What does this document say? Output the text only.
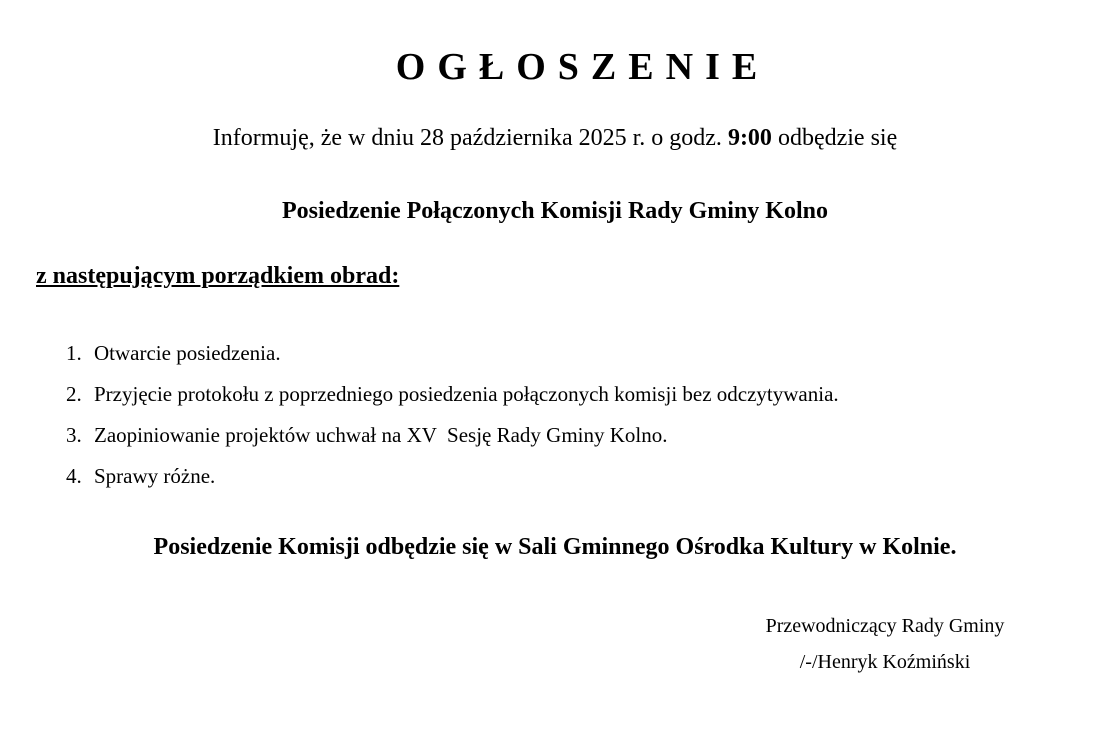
OGŁOSZENIE
Informuję, że w dniu 28 października 2025 r. o godz. 9:00 odbędzie się
Posiedzenie Połączonych Komisji Rady Gminy Kolno
z następującym porządkiem obrad:

1.

Otwarcie posiedzenia.

2.

Przyjęcie protokołu z poprzedniego posiedzenia połączonych komisji bez odczytywania.

3.

Zaopiniowanie projektów uchwał na XV  Sesję Rady Gminy Kolno.

4.

Sprawy różne.

Posiedzenie Komisji odbędzie się w Sali Gminnego Ośrodka Kultury w Kolnie.
Przewodniczący Rady Gminy
/-/Henryk Koźmiński
